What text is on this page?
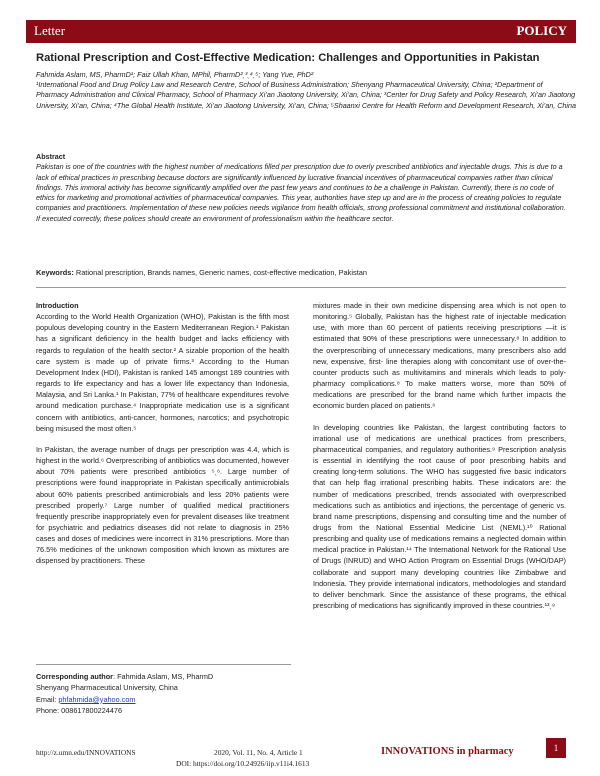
Letter	POLICY
Rational Prescription and Cost-Effective Medication: Challenges and Opportunities in Pakistan
Fahmida Aslam, MS, PharmD¹; Faiz Ullah Khan, MPhil, PharmD²ˎ³ˎ⁴ˎ⁵; Yang Yue, PhD²
¹International Food and Drug Policy Law and Research Centre, School of Business Administration; Shenyang Pharmaceutical University, China; ²Department of Pharmacy Administration and Clinical Pharmacy, School of Pharmacy Xi’an Jiaotong University, Xi’an, China; ³Center for Drug Safety and Policy Research, Xi’an Jiaotong University, Xi’an, China; ⁴The Global Health Institute, Xi’an Jiaotong University, Xi’an, China; ⁵Shaanxi Centre for Health Reform and Development Research, Xi’an, China
Abstract
Pakistan is one of the countries with the highest number of medications filled per prescription due to overly prescribed antibiotics and injectable drugs. This is due to a lack of ethical practices in prescribing because doctors are significantly influenced by lucrative financial incentives of pharmaceutical companies rather than clinical findings. This immoral activity has become significantly amplified over the past few years and continues to be a challenge in Pakistan. Currently, there is no code of ethics for marketing and promotional activities of pharmaceutical companies. This year, authorities have step up and are in the process of creating policies to regulate companies and practitioners. Implementation of these new policies needs vigilance from health officials, strong professional commitment and institutional collaboration. If executed correctly, these polices should create an environment of professionalism within the healthcare sector.
Keywords: Rational prescription, Brands names, Generic names, cost-effective medication, Pakistan
Introduction

According to the World Health Organization (WHO), Pakistan is the fifth most populous developing country in the Eastern Mediterranean Region.¹ Pakistan has a significant deficiency in the health budget and lacks efficiency with regards to regulation of the health sector.² A sizable proportion of the health care system is made up of private firms.³ According to the Human Development Index (HDI), Pakistan is ranked 145 amongst 189 countries with regards to life expectancy and has a lower life expectancy than Indonesia, Malaysia, and Sri Lanka.¹ In Pakistan, 77% of healthcare expenditures revolve around medication purchase.⁴ Inappropriate medication use is a significant concern with antibiotics, anti-cancer, hormones, narcotics; and psychotropic being misused the most often.⁵

In Pakistan, the average number of drugs per prescription was 4.4, which is highest in the world.⁶ Overprescribing of antibiotics was documented, however about 70% patients were prescribed antibiotics ⁵ˎ⁶. Large number of prescriptions were found inappropriate in Pakistan specifically antimicrobials about 60% patients prescribed antimicrobials and less 20% patients were prescribed properly.⁷ Large number of qualified medical practitioners frequently prescribe inappropriately even for prevalent diseases like treatment for psychiatric and pediatrics diseases did not relate to diagnosis in 25% cases and doses of medicines were incorrect in 31% prescriptions. More than 76.5% medicines of the unknown composition which known as mixtures are dispensed by practitioners. These

mixtures made in their own medicine dispensing area which is not open to monitoring.⁵ Globally, Pakistan has the highest rate of injectable medication use, with more than 60 percent of patients receiving prescriptions —it is estimated that 90% of these prescriptions were unnecessary.⁸ In addition to the overprescribing of unnecessary medications, many prescribers also add new, expensive, first- line therapies along with concomitant use of over-the-counter products such as multivitamins and minerals which leads to poly-pharmacy complications.⁸ To make matters worse, more than 50% of medications are prescribed for the brand name which further impacts the economic burden placed on patients.⁶

In developing countries like Pakistan, the largest contributing factors to irrational use of medications are unethical practices from prescribers, pharmaceutical companies, and regulatory authorities.⁹ Prescription analysis is essential in identifying the root cause of poor prescribing habits and creating long-term solutions. The WHO has suggested five basic indicators that can help flag irrational prescribing habits. These indicators are: the number of medications prescribed, trends associated with overprescribed medications such as antibiotics and injections, the percentage of generic vs. brand name prescriptions, dispensing and consulting time and the number of drugs from the National Essential Medicine List (NEML).¹⁰ Rational prescribing and quality use of medications remains a neglected domain within medical practice in Pakistan.¹⁴ The International Network for the Rational Use of Drugs (INRUD) and WHO Action Program on Essential Drugs (WHO/DAP) collaborate and support many developing countries like Zimbabwe and Indonesia. They provide international indicators, methodologies and standard to deliver benchmark. Since the assistance of these programs, the ethical prescribing of medications has significantly improved in these countries.¹³ˎ⁹

Corresponding author: Fahmida Aslam, MS, PharmD
Shenyang Pharmaceutical University, China
Email: phfahmida@yahoo.com
Phone: 008617800224476
http://z.umn.edu/INNOVATIONS	2020, Vol. 11, No. 4, Article 1
DOI: https://doi.org/10.24926/iip.v11i4.1613
INNOVATIONS in pharmacy	1
